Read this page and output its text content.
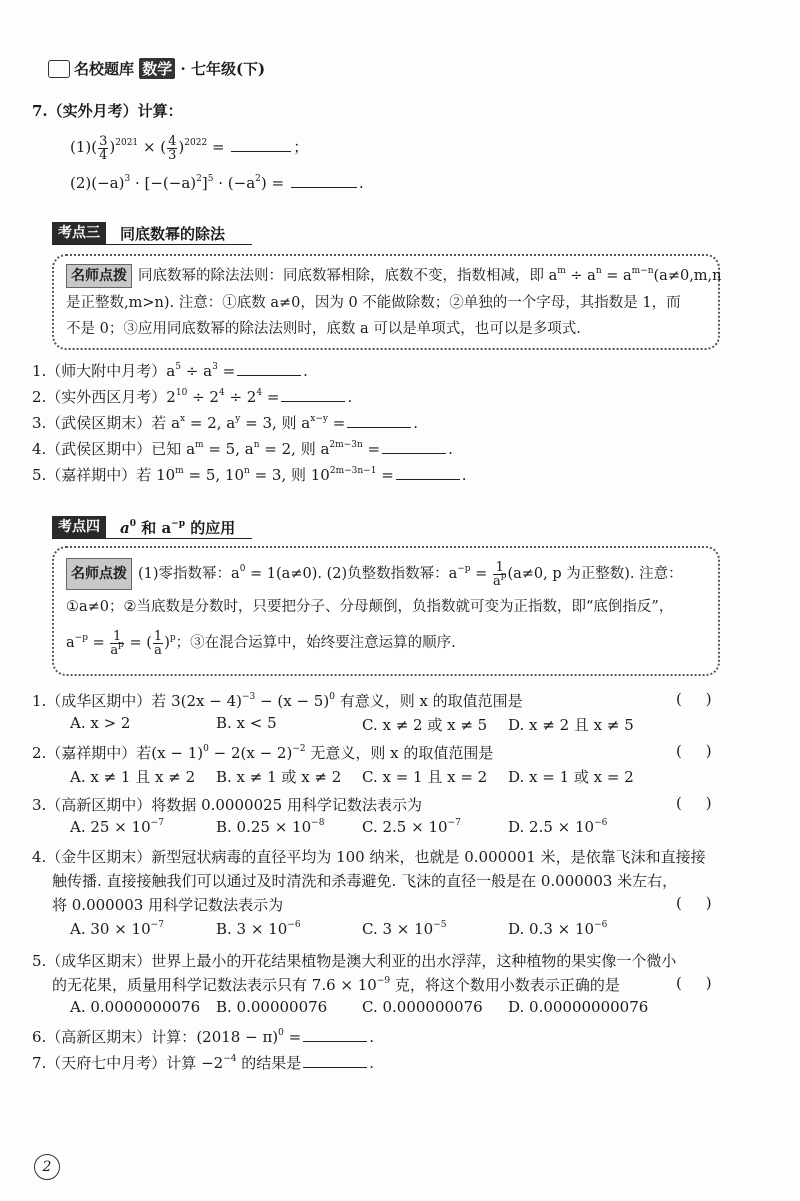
名校题库 数学 · 七年级(下)
7.（实外月考）计算：
$(1)( \frac{3}{4} )^{2021}$ × ( $\frac{4}{3} )^{2022}$ =	；
$(2)(-a)^3 \cdot [-(-a)^2]^5 \cdot (-a^2)$ =	.
考点三	同底数幂的除法
名师点拨 同底数幂的除法法则：同底数幂相除，底数不变，指数相减，即 $a^m \div a^n = a^{m-n}(a\ne 0,m,n$
是正整数,m>n). 注意：①底数 a≠0，因为 0 不能做除数；②单独的一个字母，其指数是 1，而
不是 0；③应用同底数幂的除法法则时，底数 a 可以是单项式，也可以是多项式.
1.（师大附中月考）$a^5 \div a^3$ =	.
2.（实外西区月考）$2^{10} \div 2^4 \div 2^4$ =	.
3.（武侯区期末）若 $a^x = 2$, $a^y = 3$, 则 $a^{x-y}$ =	.
4.（武侯区期中）已知 $a^m = 5$, $a^n = 2$, 则 $a^{2m-3n}$ =	.
5.（嘉祥期中）若 $10^m = 5$, $10^n = 3$, 则 $10^{2m-3n-1}$ =	.
考点四	$a^0$ 和 $a^{-p}$ 的应用
名师点拨 (1)零指数幂：$a^0 = 1(a\ne 0)$. (2)负整数指数幂：$a^{-p} = \frac{1}{a^p} (a\ne 0$, p 为正整数). 注意：
①a≠0；②当底数是分数时，只要把分子、分母颠倒，负指数就可变为正指数，即“底倒指反”，
$a^{-p} = \frac{1}{a^p}$ = ( $\frac{1}{a} )^p$；③在混合运算中，始终要注意运算的顺序.
1.（成华区期中）若 $3(2x - 4)^{-3} - (x - 5)^0$ 有意义，则 x 的取值范围是	(     )
A. x > 2	B. x < 5	C. x ≠ 2 或 x ≠ 5 D. x ≠ 2 且 x ≠ 5
2.（嘉祥期中）若$(x - 1)^0 - 2(x - 2)^{-2}$ 无意义，则 x 的取值范围是	(     )
A. x ≠ 1 且 x ≠ 2 B. x ≠ 1 或 x ≠ 2 C. x = 1 且 x = 2 D. x = 1 或 x = 2
3.（高新区期中）将数据 0.0000025 用科学记数法表示为	(     )
A. $25 \times 10^{-7}$	B. $0.25 \times 10^{-8}$	C. $2.5 \times 10^{-7}$	D. $2.5 \times 10^{-6}$
4.（金牛区期末）新型冠状病毒的直径平均为 100 纳米，也就是 0.000001 米，是依靠飞沫和直接接
触传播. 直接接触我们可以通过及时清洗和杀毒避免. 飞沫的直径一般是在 0.000003 米左右，
将 0.000003 用科学记数法表示为	(     )
A. $30 \times 10^{-7}$	B. $3 \times 10^{-6}$	C. $3 \times 10^{-5}$	D. $0.3 \times 10^{-6}$
5.（成华区期末）世界上最小的开花结果植物是澳大利亚的出水浮萍，这种植物的果实像一个微小
的无花果，质量用科学记数法表示只有 $7.6 \times 10^{-9}$ 克，将这个数用小数表示正确的是	(     )
A. 0.0000000076 B. 0.00000076 C. 0.000000076 D. 0.00000000076
6.（高新区期末）计算：$(2018 - \pi)^0$ =	.
7.（天府七中月考）计算 $-2^{-4}$ 的结果是	.
2
